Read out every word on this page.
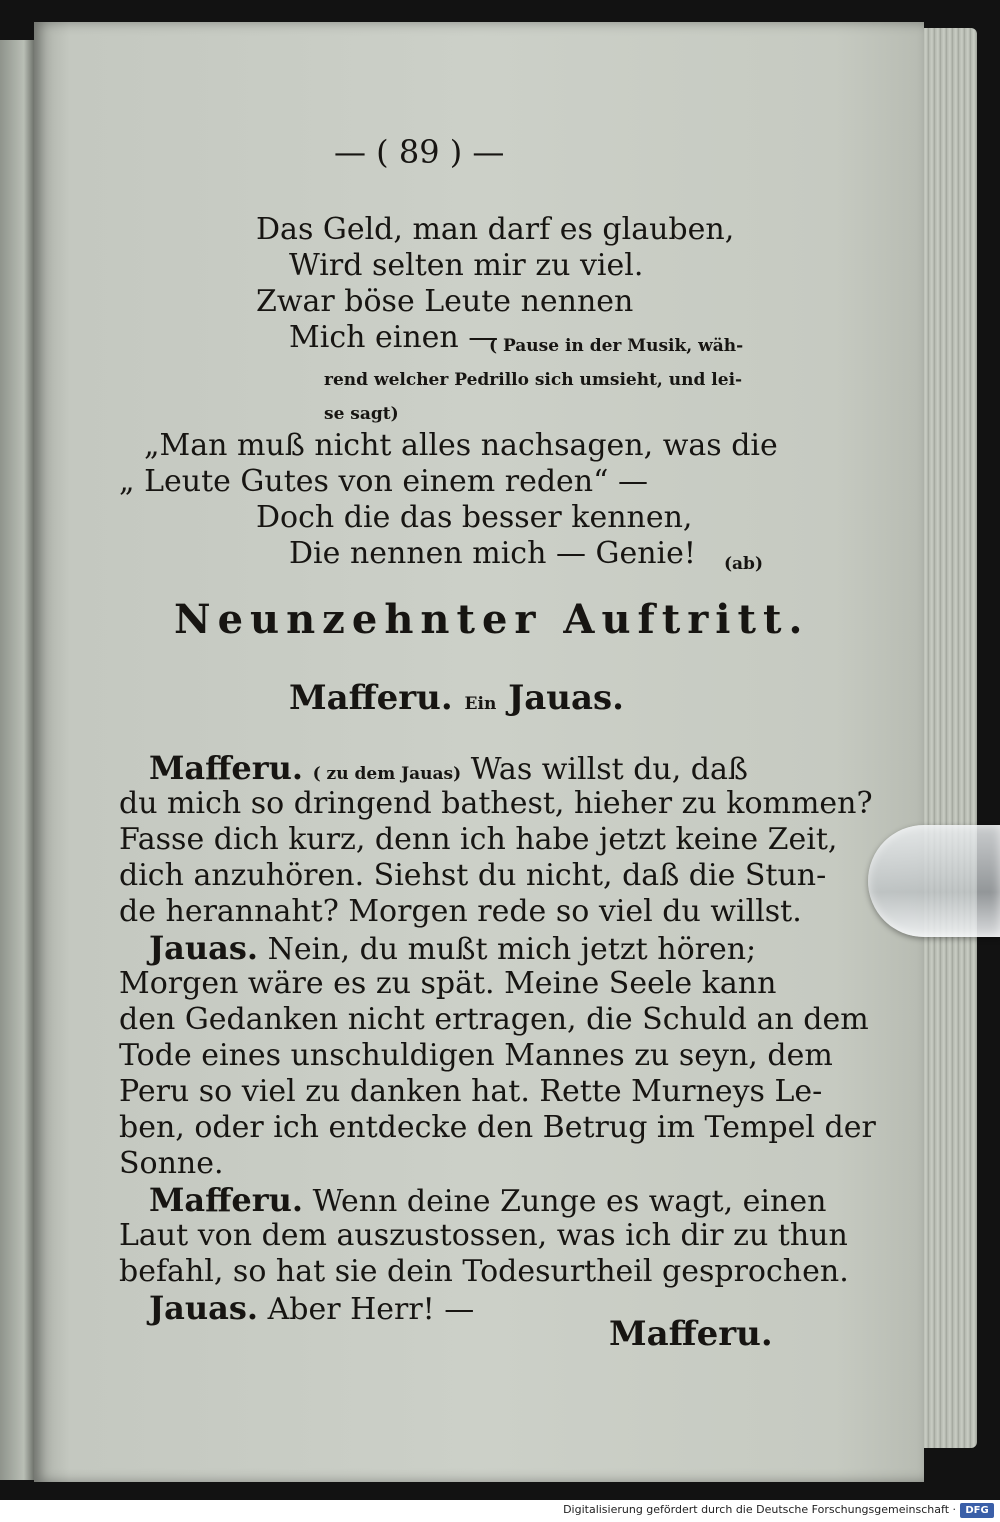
— ( 89 ) —
Das Geld, man darf es glauben,
Wird selten mir zu viel.
Zwar böse Leute nennen
Mich einen —
( Pause in der Musik, wäh-
rend welcher Pedrillo sich umsieht, und lei-
se sagt)
„Man muß nicht alles nachsagen, was die
„ Leute Gutes von einem reden“ —
Doch die das besser kennen,
Die nennen mich — Genie! (ab)
Neunzehnter Auftritt.
Mafferu. Ein Jauas.
Mafferu. ( zu dem Jauas) Was willst du, daß
du mich so dringend bathest, hieher zu kommen?
Fasse dich kurz, denn ich habe jetzt keine Zeit,
dich anzuhören. Siehst du nicht, daß die Stun-
de herannaht? Morgen rede so viel du willst.
Jauas. Nein, du mußt mich jetzt hören;
Morgen wäre es zu spät. Meine Seele kann
den Gedanken nicht ertragen, die Schuld an dem
Tode eines unschuldigen Mannes zu seyn, dem
Peru so viel zu danken hat. Rette Murneys Le-
ben, oder ich entdecke den Betrug im Tempel der
Sonne.
Mafferu. Wenn deine Zunge es wagt, einen
Laut von dem auszustossen, was ich dir zu thun
befahl, so hat sie dein Todesurtheil gesprochen.
Jauas. Aber Herr! —
Mafferu.
Digitalisierung gefördert durch die Deutsche Forschungsgemeinschaft · DFG
